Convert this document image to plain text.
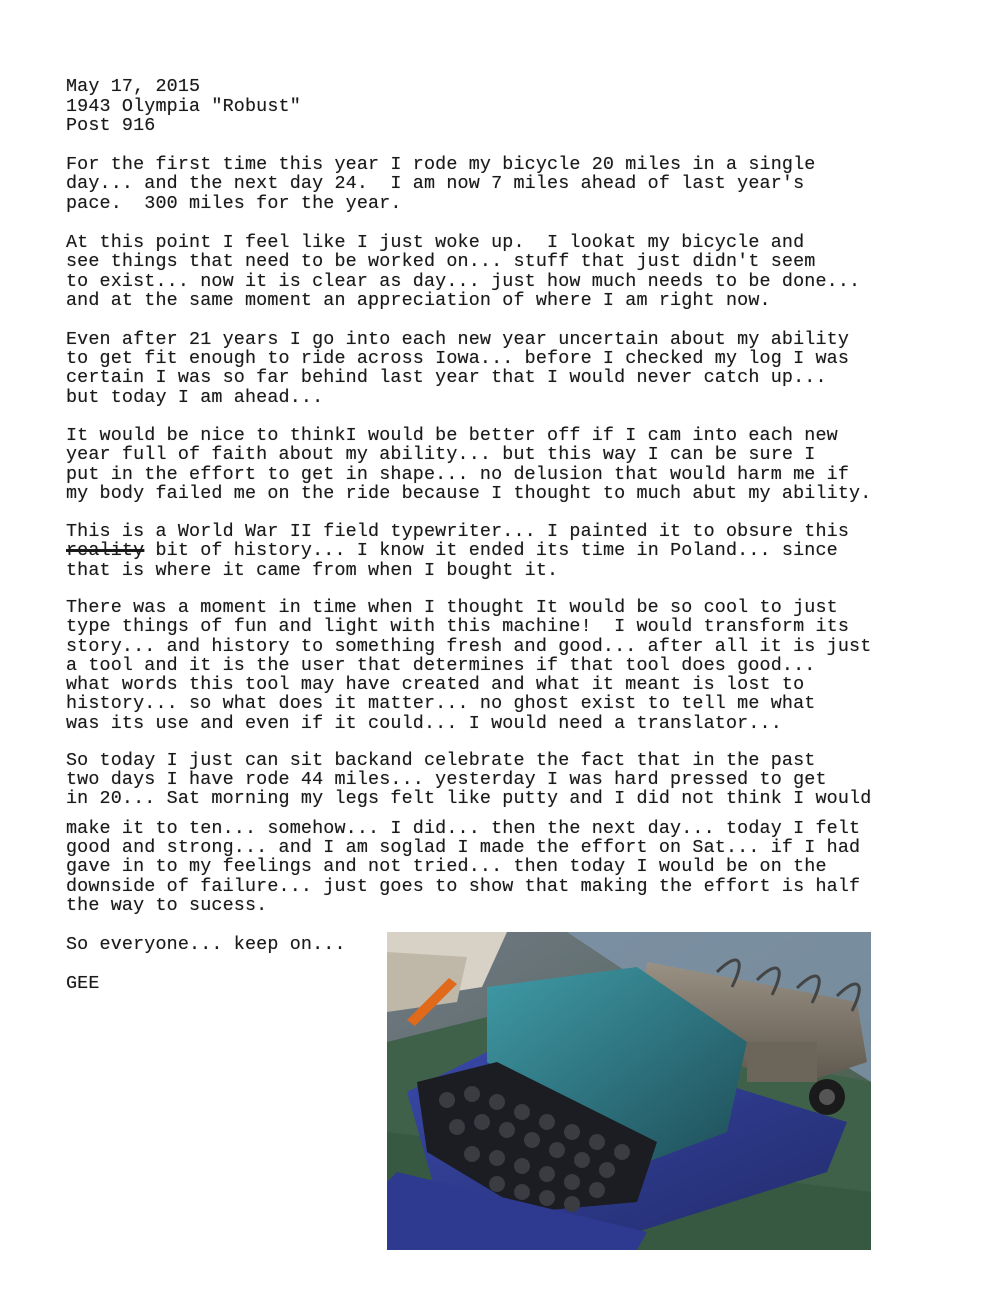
May 17, 2015
1943 Olympia "Robust"
Post 916
For the first time this year I rode my bicycle 20 miles in a single
day... and the next day 24.  I am now 7 miles ahead of last year's
pace.  300 miles for the year.
At this point I feel like I just woke up.  I lookat my bicycle and
see things that need to be worked on... stuff that just didn't seem
to exist... now it is clear as day... just how much needs to be done...
and at the same moment an appreciation of where I am right now.
Even after 21 years I go into each new year uncertain about my ability
to get fit enough to ride across Iowa... before I checked my log I was
certain I was so far behind last year that I would never catch up...
but today I am ahead...
It would be nice to thinkI would be better off if I cam into each new
year full of faith about my ability... but this way I can be sure I
put in the effort to get in shape... no delusion that would harm me if
my body failed me on the ride because I thought to much abut my ability.
This is a World War II field typewriter... I painted it to obsure this
reality bit of history... I know it ended its time in Poland... since
that is where it came from when I bought it.
There was a moment in time when I thought It would be so cool to just
type things of fun and light with this machine!  I would transform its
story... and history to something fresh and good... after all it is just
a tool and it is the user that determines if that tool does good...
what words this tool may have created and what it meant is lost to
history... so what does it matter... no ghost exist to tell me what
was its use and even if it could... I would need a translator...
So today I just can sit backand celebrate the fact that in the past
two days I have rode 44 miles... yesterday I was hard pressed to get
in 20... Sat morning my legs felt like putty and I did not think I would
make it to ten... somehow... I did... then the next day... today I felt
good and strong... and I am soglad I made the effort on Sat... if I had
gave in to my feelings and not tried... then today I would be on the
downside of failure... just goes to show that making the effort is half
the way to sucess.
So everyone... keep on...
GEE
